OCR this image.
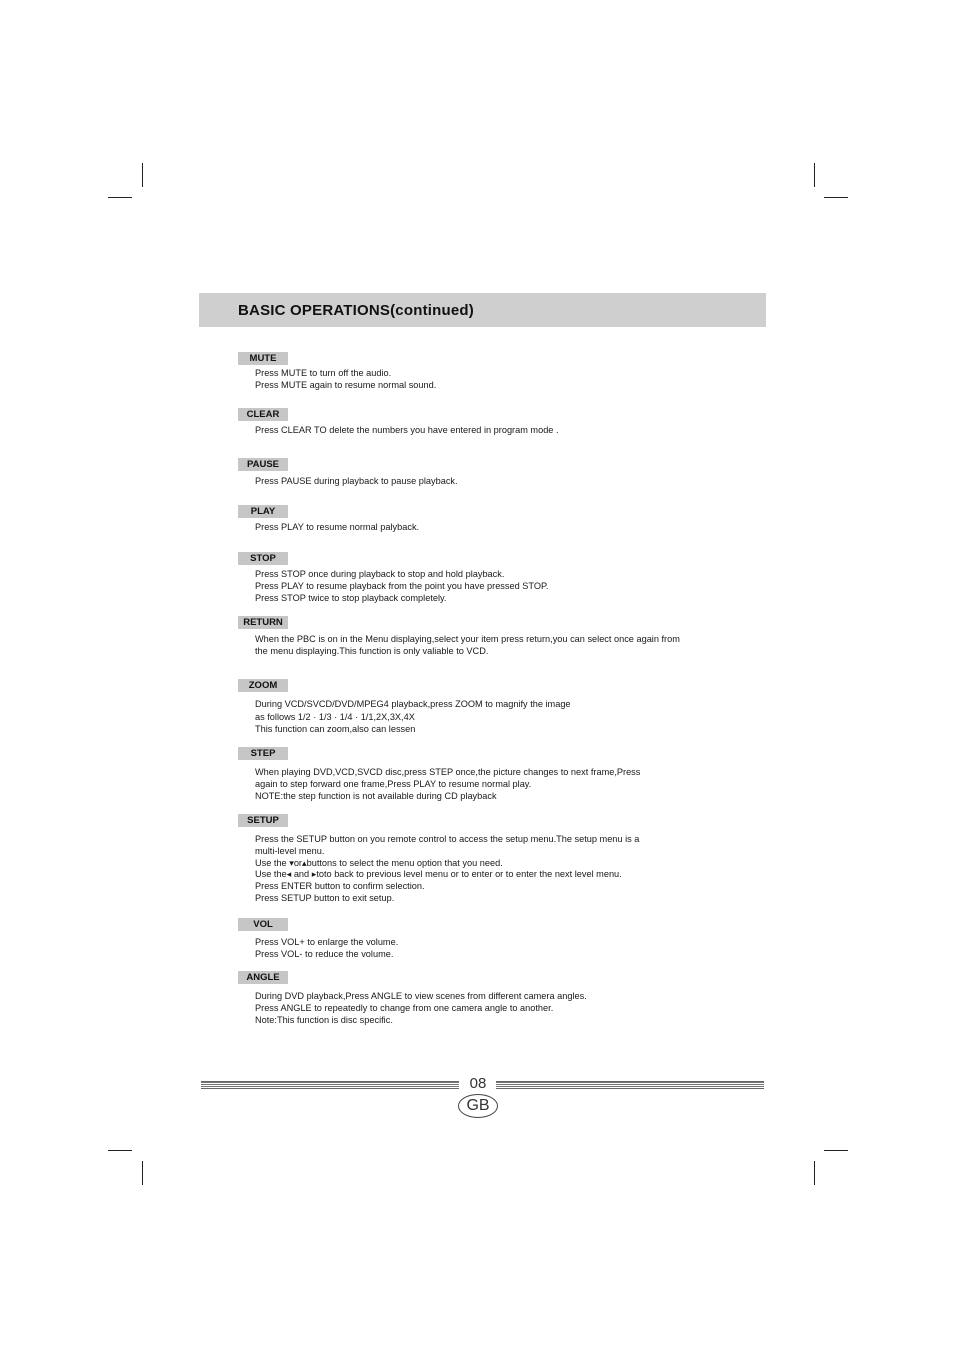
BASIC OPERATIONS(continued)
MUTE
Press MUTE to turn off the audio.
Press MUTE again to resume normal sound.
CLEAR
Press CLEAR TO delete the numbers you have entered in program mode .
PAUSE
Press PAUSE during playback to pause playback.
PLAY
Press PLAY to resume normal palyback.
STOP
Press STOP once during playback to stop and hold playback.
Press PLAY to resume playback from the point you have pressed STOP.
Press STOP twice to stop playback completely.
RETURN
When the PBC is on in the Menu displaying,select your item press return,you can select once again from
the menu displaying.This function is only valiable to VCD.
ZOOM
During VCD/SVCD/DVD/MPEG4 playback,press ZOOM to magnify the image
as follows 1/2 · 1/3 · 1/4 · 1/1,2X,3X,4X
This function can zoom,also can lessen
STEP
When playing DVD,VCD,SVCD disc,press STEP once,the picture changes to next frame,Press
again to step forward one frame,Press PLAY to resume normal play.
NOTE:the step function is not available during CD playback
SETUP
Press the SETUP button on you remote control to access the setup menu.The setup menu is a
multi-level menu.
Use the ▾or▴buttons to select the menu option that you need.
Use the◂ and ▸toto back to previous level menu or to enter or to enter the next level menu.
Press ENTER button to confirm selection.
Press SETUP button to exit setup.
VOL
Press VOL+ to enlarge the volume.
Press VOL- to reduce the volume.
ANGLE
During DVD playback,Press ANGLE to view scenes from different camera angles.
Press ANGLE to repeatedly to change from one camera angle to another.
Note:This function is disc specific.
08
GB
